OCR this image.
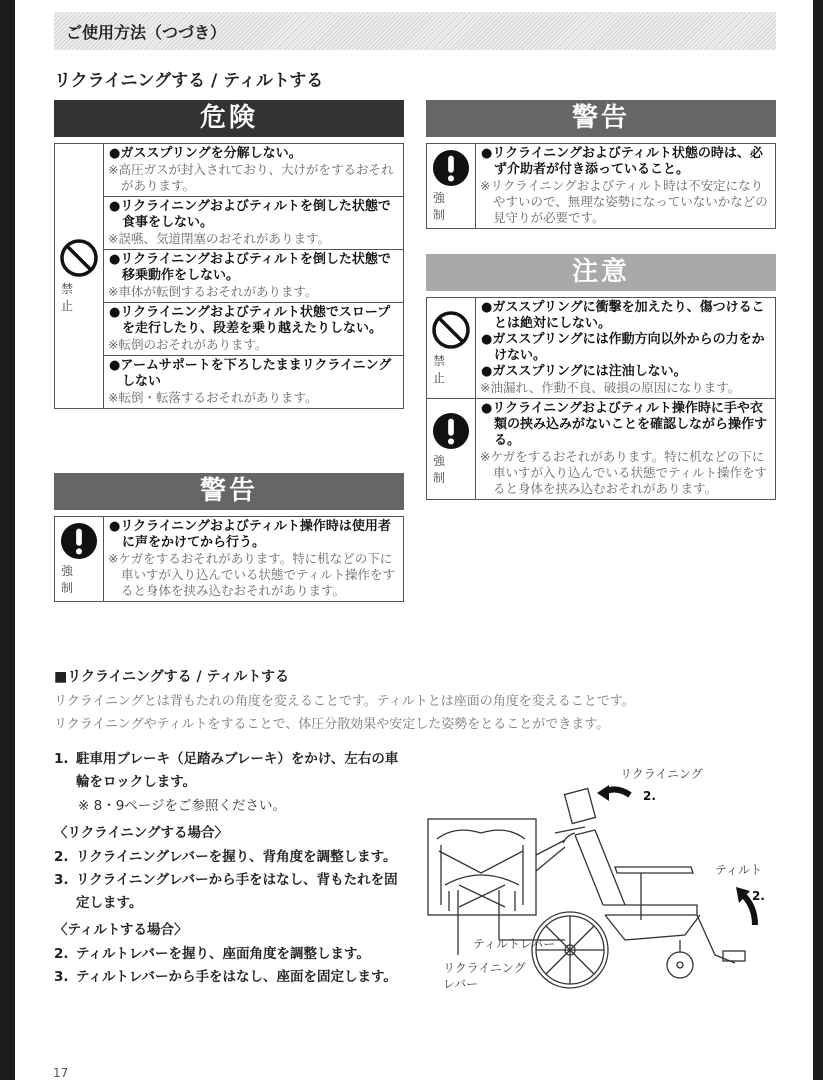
ご使用方法（つづき）
リクライニングする / ティルトする
危険
禁 止
●ガススプリングを分解しない。
※高圧ガスが封入されており、大けがをするおそれがあります。
●リクライニングおよびティルトを倒した状態で食事をしない。
※誤嚥、気道閉塞のおそれがあります。
●リクライニングおよびティルトを倒した状態で移乗動作をしない。
※車体が転倒するおそれがあります。
●リクライニングおよびティルト状態でスロープを走行したり、段差を乗り越えたりしない。
※転倒のおそれがあります。
●アームサポートを下ろしたままリクライニングしない
※転倒・転落するおそれがあります。
警告
強 制
●リクライニングおよびティルト操作時は使用者に声をかけてから行う。
※ケガをするおそれがあります。特に机などの下に車いすが入り込んでいる状態でティルト操作をすると身体を挟み込むおそれがあります。
警告
強 制
●リクライニングおよびティルト状態の時は、必ず介助者が付き添っていること。
※リクライニングおよびティルト時は不安定になりやすいので、無理な姿勢になっていないかなどの見守りが必要です。
注意
禁 止
●ガススプリングに衝撃を加えたり、傷つけることは絶対にしない。
●ガススプリングには作動方向以外からの力をかけない。
●ガススプリングには注油しない。
※油漏れ、作動不良、破損の原因になります。
強 制
●リクライニングおよびティルト操作時に手や衣類の挟み込みがないことを確認しながら操作する。
※ケガをするおそれがあります。特に机などの下に車いすが入り込んでいる状態でティルト操作をすると身体を挟み込むおそれがあります。
■リクライニングする / ティルトする
リクライニングとは背もたれの角度を変えることです。ティルトとは座面の角度を変えることです。
リクライニングやティルトをすることで、体圧分散効果や安定した姿勢をとることができます。
1. 駐車用ブレーキ（足踏みブレーキ）をかけ、左右の車輪をロックします。
※ 8・9ページをご参照ください。
〈リクライニングする場合〉
2. リクライニングレバーを握り、背角度を調整します。
3. リクライニングレバーから手をはなし、背もたれを固定します。
〈ティルトする場合〉
2. ティルトレバーを握り、座面角度を調整します。
3. ティルトレバーから手をはなし、座面を固定します。
リクライニング
2.
ティルト
2.
ティルトレバー
リクライニング
レバー
17
